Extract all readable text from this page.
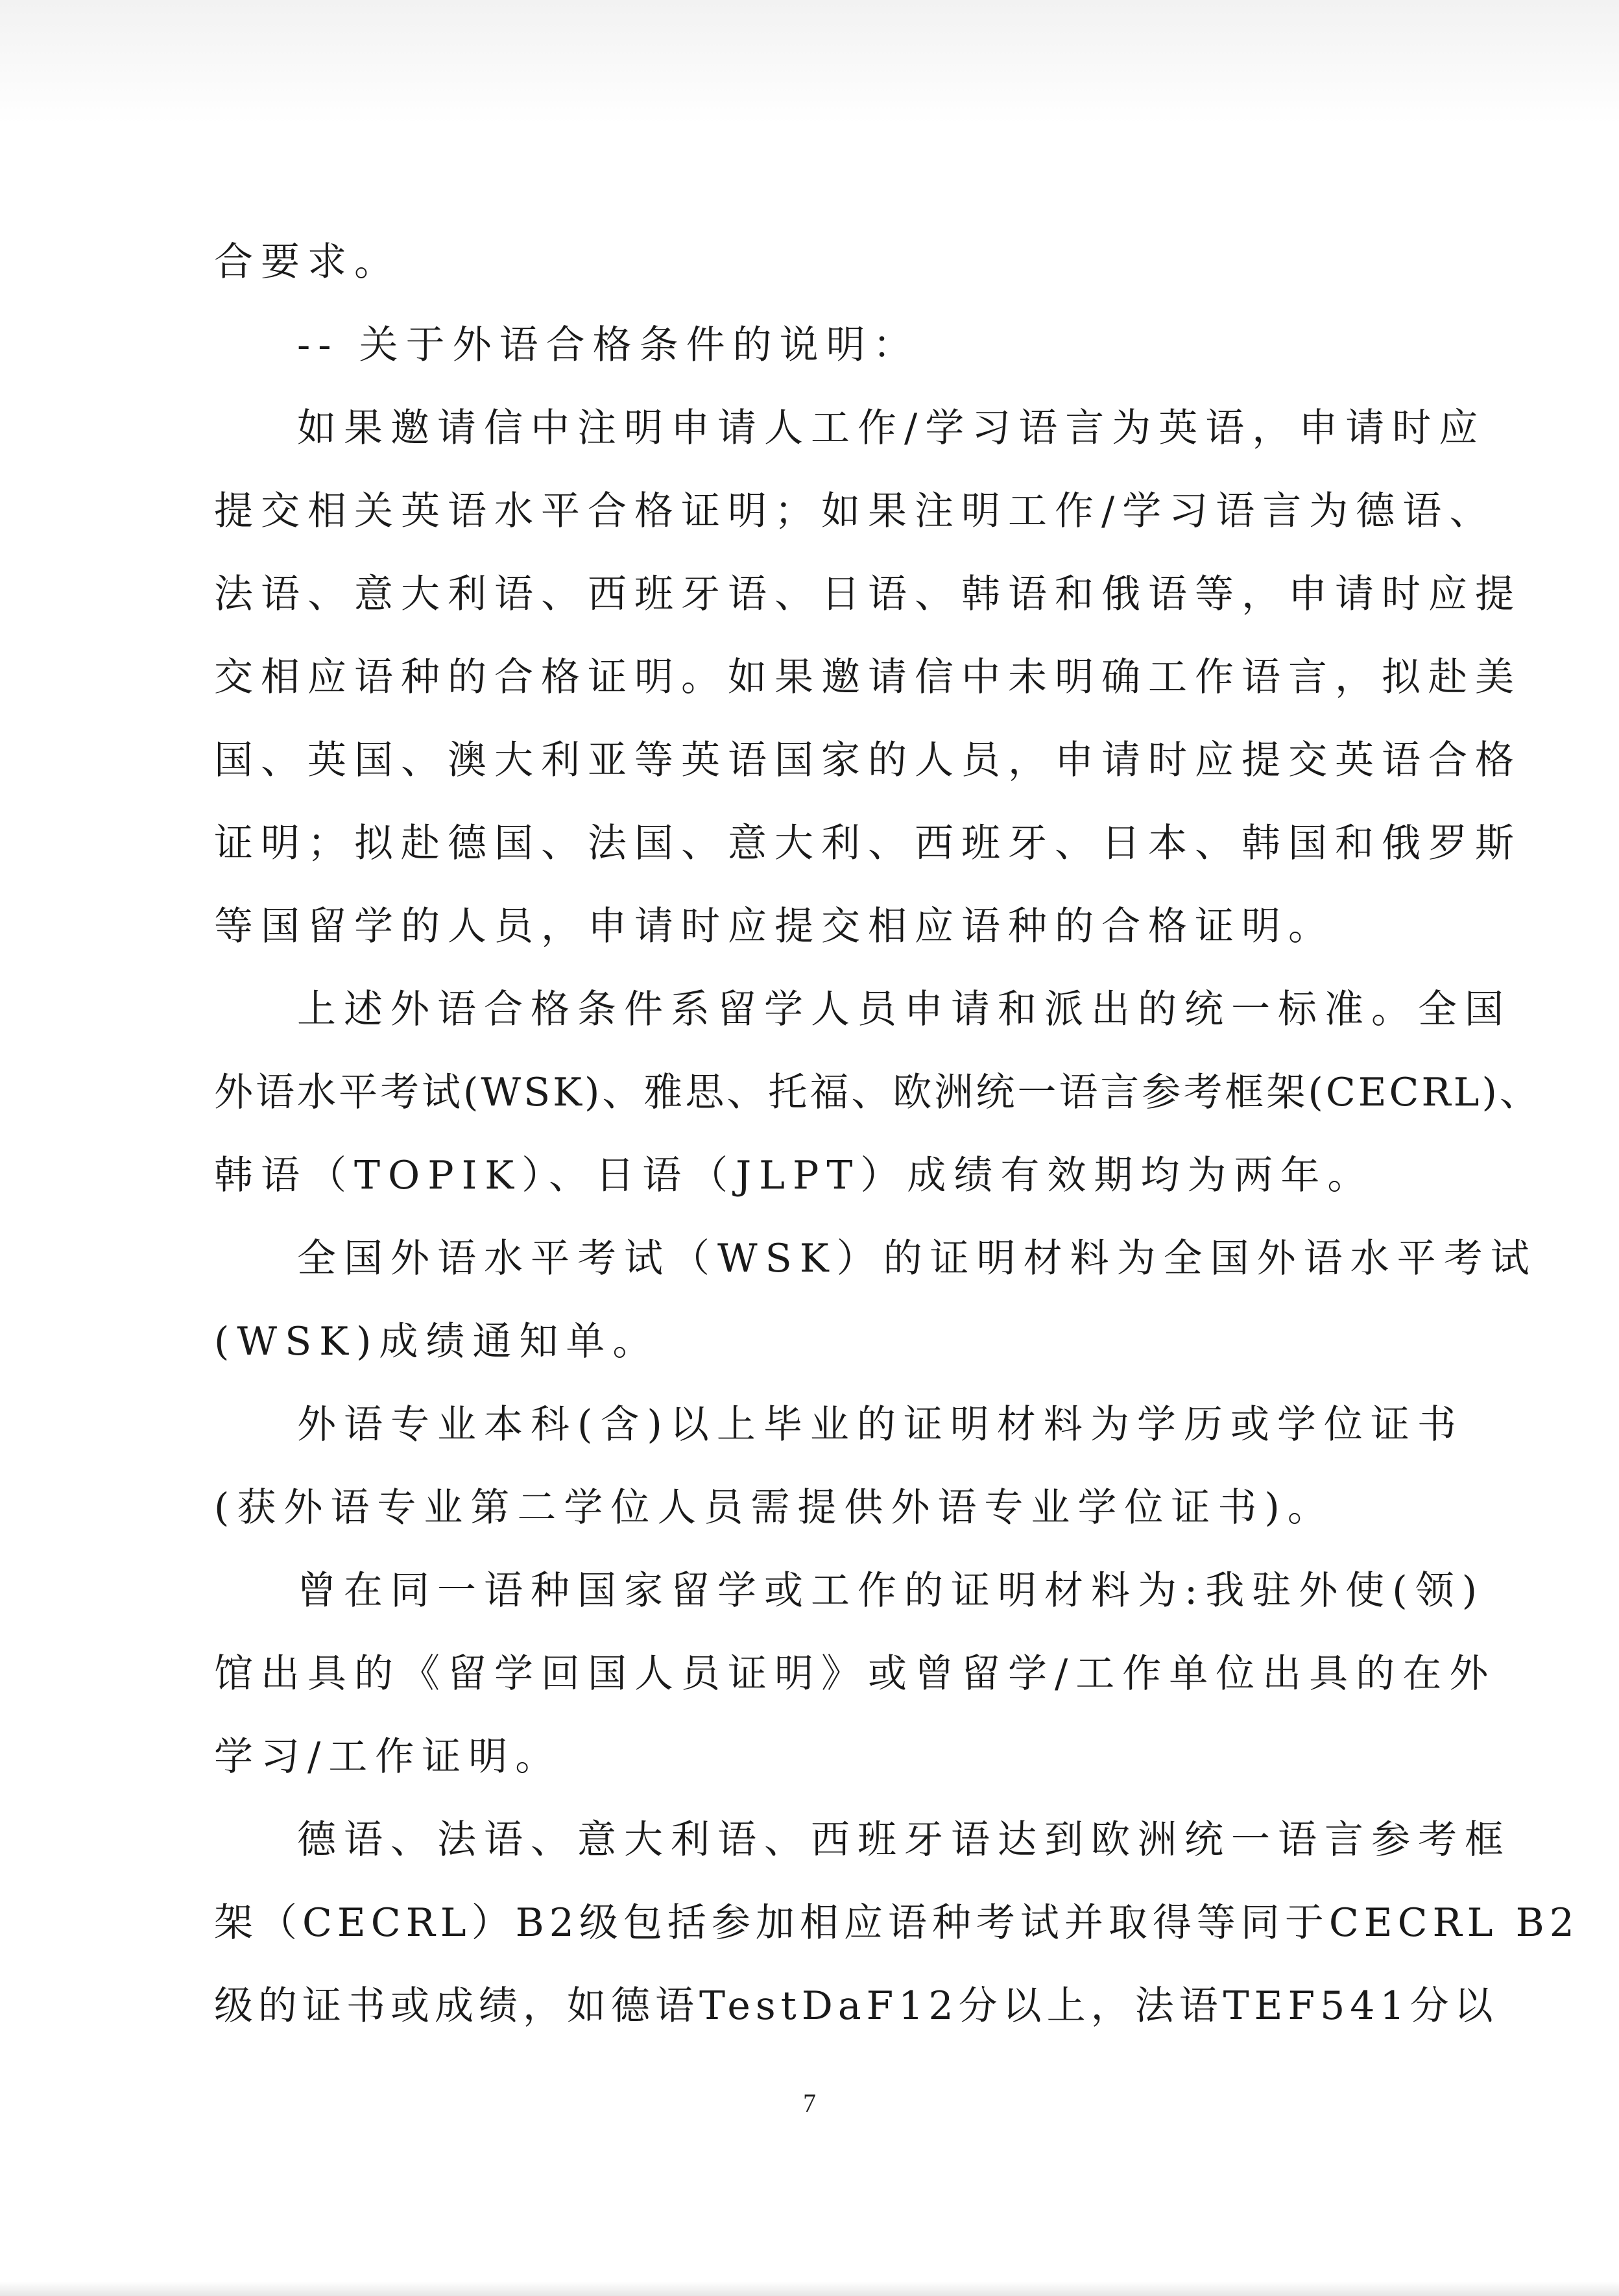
合要求。
-- 关于外语合格条件的说明：
如果邀请信中注明申请人工作/学习语言为英语，申请时应
提交相关英语水平合格证明；如果注明工作/学习语言为德语、
法语、意大利语、西班牙语、日语、韩语和俄语等，申请时应提
交相应语种的合格证明。如果邀请信中未明确工作语言，拟赴美
国、英国、澳大利亚等英语国家的人员，申请时应提交英语合格
证明；拟赴德国、法国、意大利、西班牙、日本、韩国和俄罗斯
等国留学的人员，申请时应提交相应语种的合格证明。
上述外语合格条件系留学人员申请和派出的统一标准。全国
外语水平考试(WSK)、雅思、托福、欧洲统一语言参考框架(CECRL)、
韩语（TOPIK）、日语（JLPT）成绩有效期均为两年。
全国外语水平考试（WSK）的证明材料为全国外语水平考试
(WSK)成绩通知单。
外语专业本科(含)以上毕业的证明材料为学历或学位证书
(获外语专业第二学位人员需提供外语专业学位证书)。
曾在同一语种国家留学或工作的证明材料为:我驻外使(领)
馆出具的《留学回国人员证明》或曾留学/工作单位出具的在外
学习/工作证明。
德语、法语、意大利语、西班牙语达到欧洲统一语言参考框
架（CECRL）B2级包括参加相应语种考试并取得等同于CECRL B2
级的证书或成绩，如德语TestDaF12分以上，法语TEF541分以
7
